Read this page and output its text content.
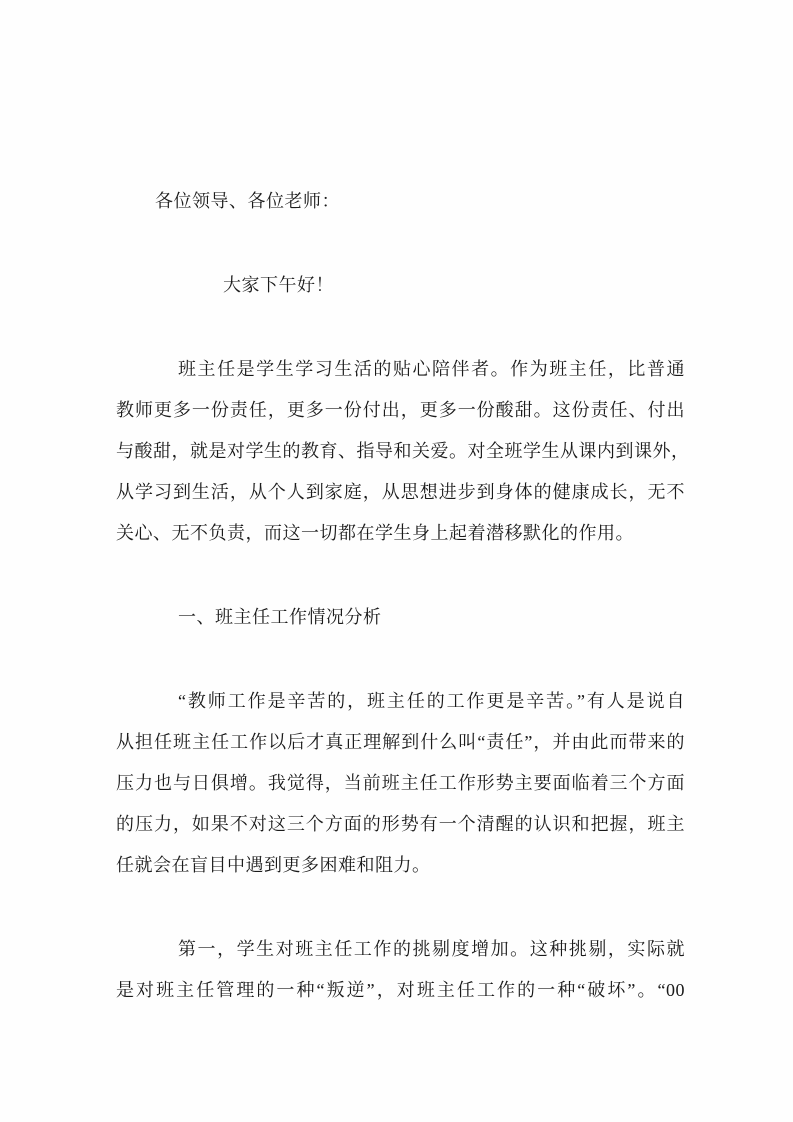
各位领导、各位老师：
大家下午好！
班主任是学生学习生活的贴心陪伴者。作为班主任，比普通
教师更多一份责任，更多一份付出，更多一份酸甜。这份责任、付出
与酸甜，就是对学生的教育、指导和关爱。对全班学生从课内到课外，
从学习到生活，从个人到家庭，从思想进步到身体的健康成长，无不
关心、无不负责，而这一切都在学生身上起着潜移默化的作用。
一、班主任工作情况分析
“教师工作是辛苦的，班主任的工作更是辛苦。”有人是说自
从担任班主任工作以后才真正理解到什么叫“责任”，并由此而带来的
压力也与日俱增。我觉得，当前班主任工作形势主要面临着三个方面
的压力，如果不对这三个方面的形势有一个清醒的认识和把握，班主
任就会在盲目中遇到更多困难和阻力。
第一，学生对班主任工作的挑剔度增加。这种挑剔，实际就
是对班主任管理的一种“叛逆”，对班主任工作的一种“破坏”。“00
